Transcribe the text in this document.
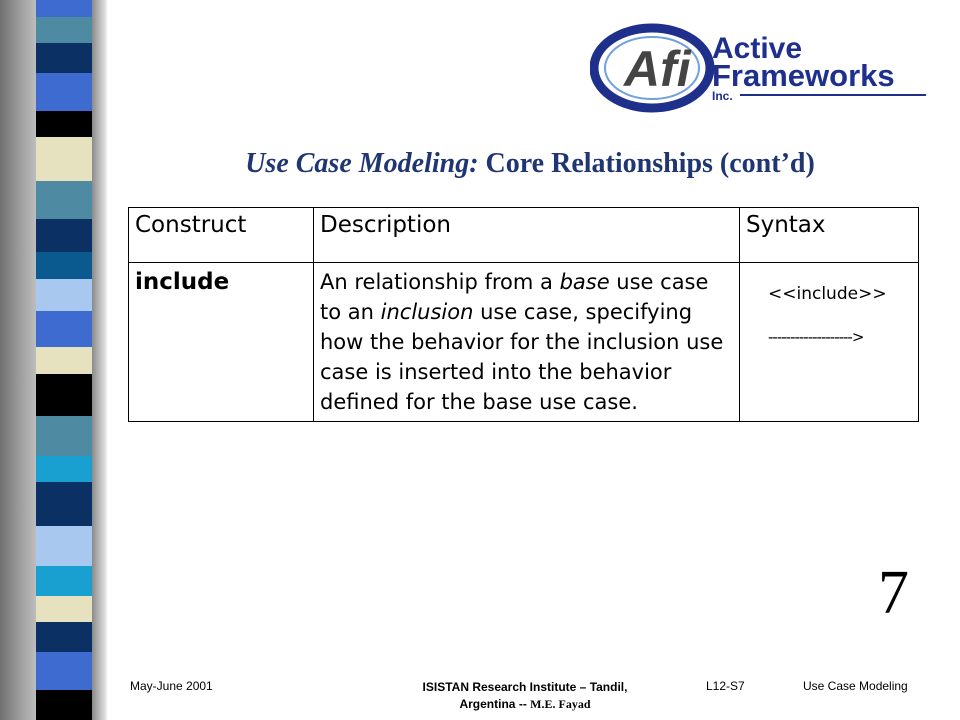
Afi Active
Frameworks
Inc.
Use Case Modeling: Core Relationships (cont’d)
Construct	Description	Syntax
include	An relationship from a base use case to an inclusion use case, specifying how the behavior for the inclusion use case is inserted into the behavior defined for the base use case.	<<include>>
------------------->
7
May-June 2001	ISISTAN Research Institute – Tandil,
Argentina -- M.E. Fayad
L12-S7	Use Case Modeling
